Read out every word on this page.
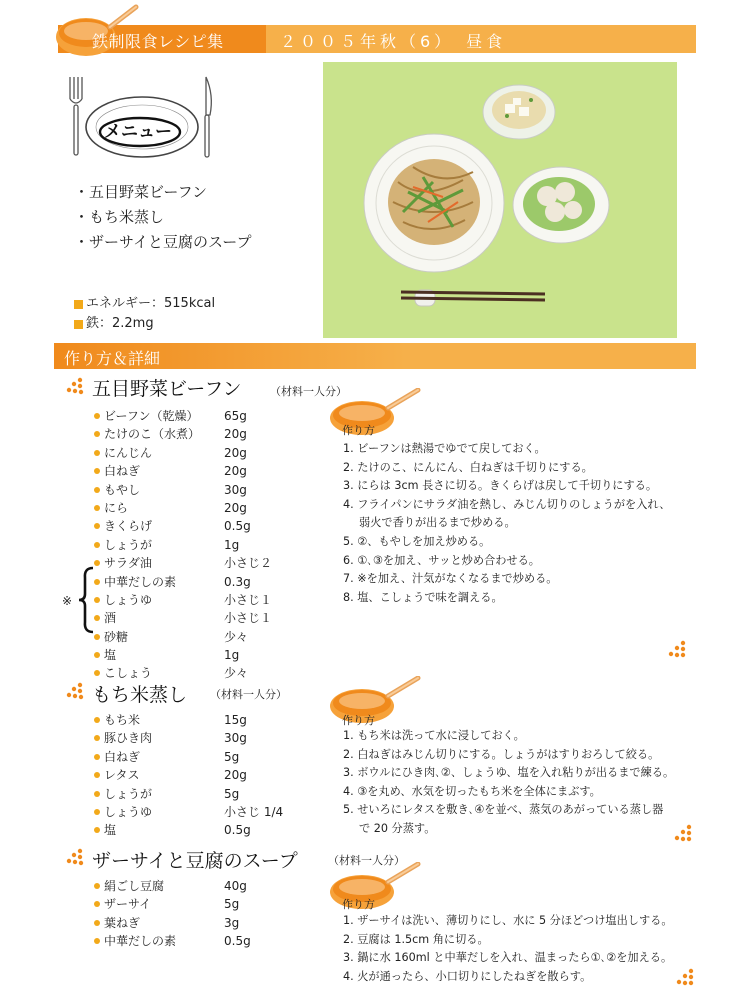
鉄制限食レシピ集	２００５年秋（6）　昼食
メニュー
・五目野菜ビーフン
・もち米蒸し
・ザーサイと豆腐のスープ
エネルギー：515kcal
鉄：2.2mg
作り方＆詳細
五目野菜ビーフン	（材料一人分）
ビーフン（乾燥） 65g
たけのこ（水煮） 20g
にんじん	20g
白ねぎ	20g
もやし	30g
にら	20g
きくらげ	0.5g
しょうが	1g
サラダ油	小さじ２
中華だしの素	0.3g
しょうゆ	小さじ１
酒	小さじ１
砂糖	少々
塩	1g
こしょう	少々
※
作り方
1. ビーフンは熱湯でゆでて戻しておく。
2. たけのこ、にんにん、白ねぎは千切りにする。
3. にらは 3cm 長さに切る。きくらげは戻して千切りにする。
4. フライパンにサラダ油を熱し、みじん切りのしょうがを入れ、
弱火で香りが出るまで炒める。
5. ②、もやしを加え炒める。
6. ①､③を加え、サッと炒め合わせる。
7. ※を加え、汁気がなくなるまで炒める。
8. 塩、こしょうで味を調える。
もち米蒸し （材料一人分）
もち米	15g
豚ひき肉	30g
白ねぎ	5g
レタス	20g
しょうが	5g
しょうゆ	小さじ 1/4
塩	0.5g
作り方
1. もち米は洗って水に浸しておく。
2. 白ねぎはみじん切りにする。しょうがはすりおろして絞る。
3. ボウルにひき肉､②、しょうゆ、塩を入れ粘りが出るまで練る。
4. ③を丸め、水気を切ったもち米を全体にまぶす。
5. せいろにレタスを敷き､④を並べ、蒸気のあがっている蒸し器
で 20 分蒸す。
ザーサイと豆腐のスープ	（材料一人分）
絹ごし豆腐	40g
ザーサイ	5g
葉ねぎ	3g
中華だしの素	0.5g
作り方
1. ザーサイは洗い、薄切りにし、水に 5 分ほどつけ塩出しする。
2. 豆腐は 1.5cm 角に切る。
3. 鍋に水 160ml と中華だしを入れ、温まったら①､②を加える。
4. 火が通ったら、小口切りにしたねぎを散らす。
